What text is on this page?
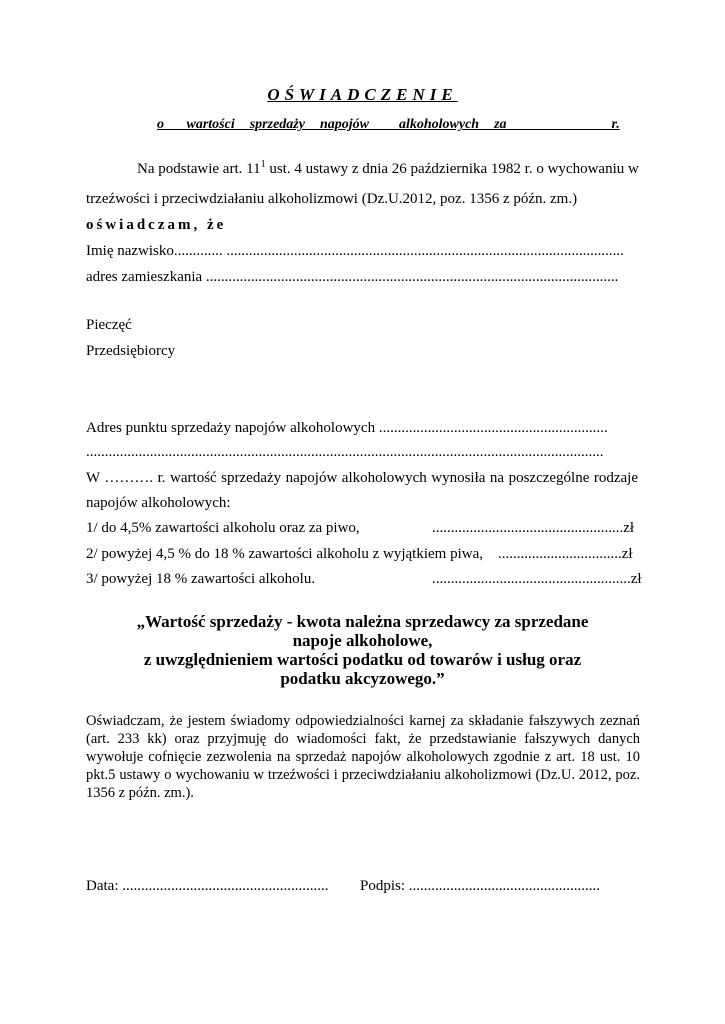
OŚWIADCZENIE
o   wartości  sprzedaży  napojów    alkoholowych  za              r.
Na podstawie art. $11^1$ ust. 4 ustawy z dnia 26 października 1982 r. o wychowaniu w
trzeźwości i przeciwdziałaniu alkoholizmowi (Dz.U.2012, poz. 1356 z późn. zm.)
oświadczam, że
Imię nazwisko............. ..........................................................................................................
adres zamieszkania ..............................................................................................................
Pieczęć
Przedsiębiorcy
Adres punktu sprzedaży napojów alkoholowych .............................................................
..........................................................................................................................................
W ………. r. wartość sprzedaży napojów alkoholowych wynosiła na poszczególne rodzaje
napojów alkoholowych:
1/ do 4,5% zawartości alkoholu oraz za piwo,	...................................................zł
2/ powyżej 4,5 % do 18 % zawartości alkoholu z wyjątkiem piwa, .................................zł
3/ powyżej 18 % zawartości alkoholu.	.....................................................zł
„Wartość sprzedaży - kwota należna sprzedawcy za sprzedane
napoje alkoholowe,
z uwzględnieniem wartości podatku od towarów i usług oraz
podatku akcyzowego.”
Oświadczam, że jestem świadomy odpowiedzialności karnej za składanie fałszywych zeznań (art. 233 kk) oraz przyjmuję do wiadomości fakt, że przedstawianie fałszywych danych wywołuje cofnięcie zezwolenia na sprzedaż napojów alkoholowych zgodnie z art. 18 ust. 10 pkt.5 ustawy o wychowaniu w trzeźwości i przeciwdziałaniu alkoholizmowi (Dz.U. 2012, poz. 1356 z późn. zm.).
Data: ....................................................... Podpis: ...................................................
